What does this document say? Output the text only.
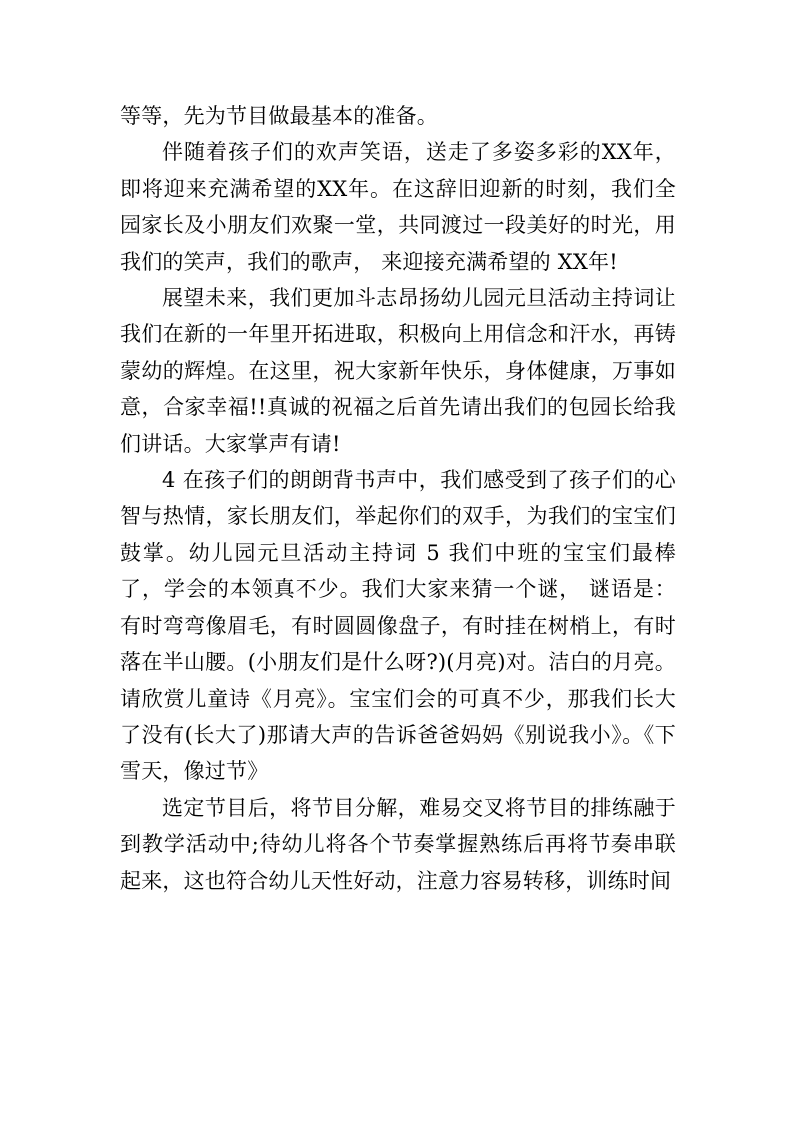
等等，先为节目做最基本的准备。

伴随着孩子们的欢声笑语，送走了多姿多彩的XX年，即将迎来充满希望的XX年。在这辞旧迎新的时刻，我们全园家长及小朋友们欢聚一堂，共同渡过一段美好的时光，用我们的笑声，我们的歌声， 来迎接充满希望的 XX年!

展望未来，我们更加斗志昂扬幼儿园元旦活动主持词让我们在新的一年里开拓进取，积极向上用信念和汗水，再铸蒙幼的辉煌。在这里，祝大家新年快乐，身体健康，万事如意，合家幸福!!真诚的祝福之后首先请出我们的包园长给我们讲话。大家掌声有请!

4 在孩子们的朗朗背书声中，我们感受到了孩子们的心智与热情，家长朋友们，举起你们的双手，为我们的宝宝们鼓掌。幼儿园元旦活动主持词 5 我们中班的宝宝们最棒了，学会的本领真不少。我们大家来猜一个谜， 谜语是：有时弯弯像眉毛，有时圆圆像盘子，有时挂在树梢上，有时落在半山腰。(小朋友们是什么呀?)(月亮)对。洁白的月亮。请欣赏儿童诗《月亮》。宝宝们会的可真不少，那我们长大了没有(长大了)那请大声的告诉爸爸妈妈《别说我小》。《下雪天，像过节》

选定节目后，将节目分解，难易交叉将节目的排练融于到教学活动中;待幼儿将各个节奏掌握熟练后再将节奏串联起来，这也符合幼儿天性好动，注意力容易转移，训练时间
